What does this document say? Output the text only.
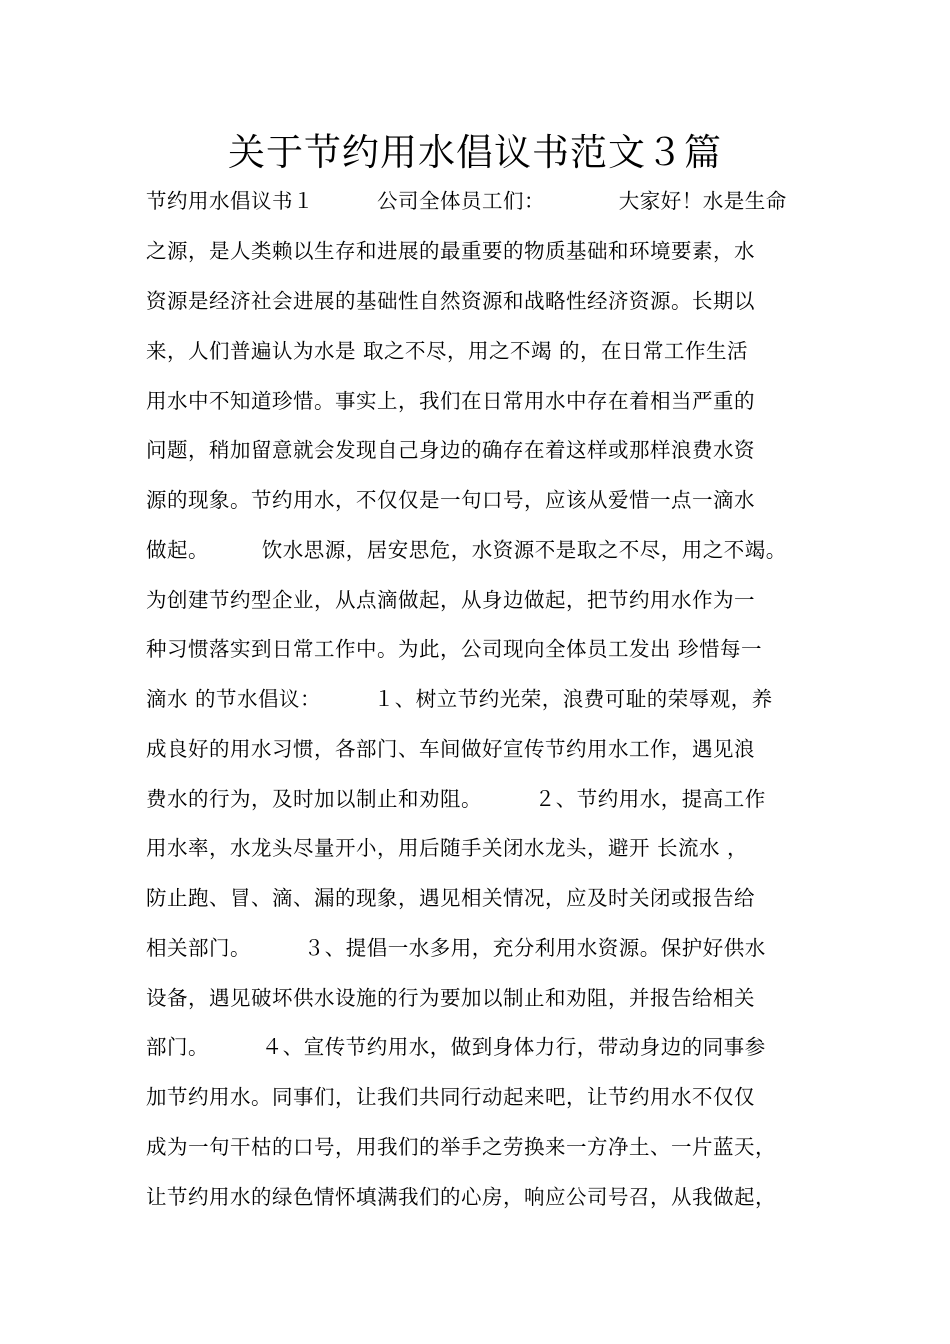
关于节约用水倡议书范文３篇
节约用水倡议书１　　　公司全体员工们：　　　　大家好！水是生命
之源，是人类赖以生存和进展的最重要的物质基础和环境要素，水
资源是经济社会进展的基础性自然资源和战略性经济资源。长期以
来，人们普遍认为水是 取之不尽，用之不竭 的，在日常工作生活
用水中不知道珍惜。事实上，我们在日常用水中存在着相当严重的
问题，稍加留意就会发现自己身边的确存在着这样或那样浪费水资
源的现象。节约用水，不仅仅是一句口号，应该从爱惜一点一滴水
做起。　　　饮水思源，居安思危，水资源不是取之不尽，用之不竭。
为创建节约型企业，从点滴做起，从身边做起，把节约用水作为一
种习惯落实到日常工作中。为此，公司现向全体员工发出 珍惜每一
滴水 的节水倡议：　　　１、树立节约光荣，浪费可耻的荣辱观，养
成良好的用水习惯，各部门、车间做好宣传节约用水工作，遇见浪
费水的行为，及时加以制止和劝阻。　　　２、节约用水，提高工作
用水率，水龙头尽量开小，用后随手关闭水龙头，避开 长流水 ，
防止跑、冒、滴、漏的现象，遇见相关情况，应及时关闭或报告给
相关部门。　　　３、提倡一水多用，充分利用水资源。保护好供水
设备，遇见破坏供水设施的行为要加以制止和劝阻，并报告给相关
部门。　　　４、宣传节约用水，做到身体力行，带动身边的同事参
加节约用水。同事们，让我们共同行动起来吧，让节约用水不仅仅
成为一句干枯的口号，用我们的举手之劳换来一方净土、一片蓝天，
让节约用水的绿色情怀填满我们的心房，响应公司号召，从我做起，
